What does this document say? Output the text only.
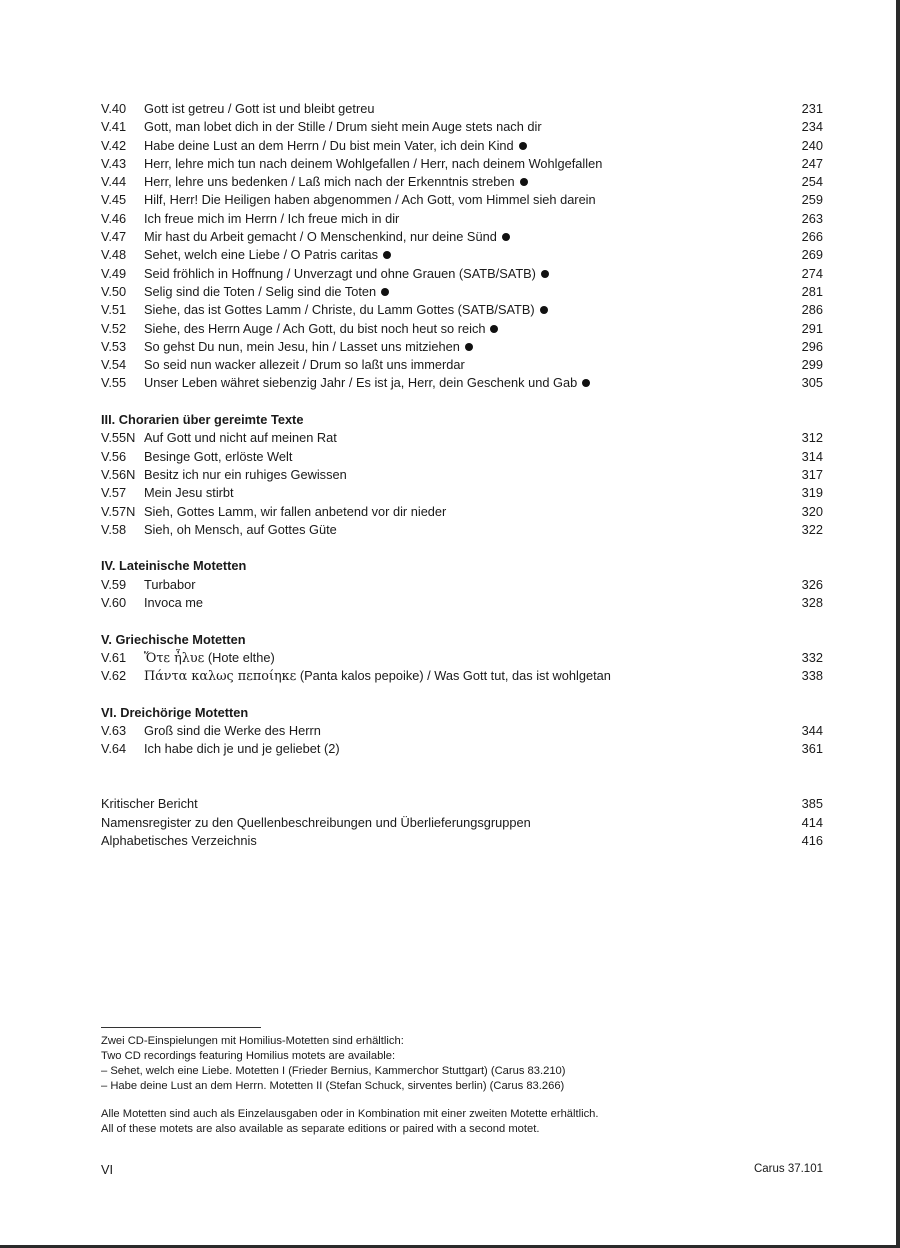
V.40	Gott ist getreu / Gott ist und bleibt getreu	231
V.41	Gott, man lobet dich in der Stille / Drum sieht mein Auge stets nach dir	234
V.42	Habe deine Lust an dem Herrn / Du bist mein Vater, ich dein Kind	240
V.43	Herr, lehre mich tun nach deinem Wohlgefallen / Herr, nach deinem Wohlgefallen	247
V.44	Herr, lehre uns bedenken / Laß mich nach der Erkenntnis streben	254
V.45	Hilf, Herr! Die Heiligen haben abgenommen / Ach Gott, vom Himmel sieh darein	259
V.46	Ich freue mich im Herrn / Ich freue mich in dir	263
V.47	Mir hast du Arbeit gemacht / O Menschenkind, nur deine Sünd	266
V.48	Sehet, welch eine Liebe / O Patris caritas	269
V.49	Seid fröhlich in Hoffnung / Unverzagt und ohne Grauen (SATB/SATB)	274
V.50	Selig sind die Toten / Selig sind die Toten	281
V.51	Siehe, das ist Gottes Lamm / Christe, du Lamm Gottes (SATB/SATB)	286
V.52	Siehe, des Herrn Auge / Ach Gott, du bist noch heut so reich	291
V.53	So gehst Du nun, mein Jesu, hin / Lasset uns mitziehen	296
V.54	So seid nun wacker allezeit / Drum so laßt uns immerdar	299
V.55	Unser Leben währet siebenzig Jahr / Es ist ja, Herr, dein Geschenk und Gab	305
III. Chorarien über gereimte Texte
V.55N Auf Gott und nicht auf meinen Rat	312
V.56	Besinge Gott, erlöste Welt	314
V.56N Besitz ich nur ein ruhiges Gewissen	317
V.57	Mein Jesu stirbt	319
V.57N Sieh, Gottes Lamm, wir fallen anbetend vor dir nieder	320
V.58	Sieh, oh Mensch, auf Gottes Güte	322
IV. Lateinische Motetten
V.59	Turbabor	326
V.60	Invoca me	328
V. Griechische Motetten
V.61	Ὅτε ἦλυε (Hote elthe)	332
V.62	Πάντα καλως πεποίηκε (Panta kalos pepoike) / Was Gott tut, das ist wohlgetan	338
VI. Dreichörige Motetten
V.63	Groß sind die Werke des Herrn	344
V.64	Ich habe dich je und je geliebet (2)	361
Kritischer Bericht	385
Namensregister zu den Quellenbeschreibungen und Überlieferungsgruppen	414
Alphabetisches Verzeichnis	416
Zwei CD-Einspielungen mit Homilius-Motetten sind erhältlich:
Two CD recordings featuring Homilius motets are available:
– Sehet, welch eine Liebe. Motetten I (Frieder Bernius, Kammerchor Stuttgart) (Carus 83.210)
– Habe deine Lust an dem Herrn. Motetten II (Stefan Schuck, sirventes berlin) (Carus 83.266)
Alle Motetten sind auch als Einzelausgaben oder in Kombination mit einer zweiten Motette erhältlich.
All of these motets are also available as separate editions or paired with a second motet.
VI	Carus 37.101
